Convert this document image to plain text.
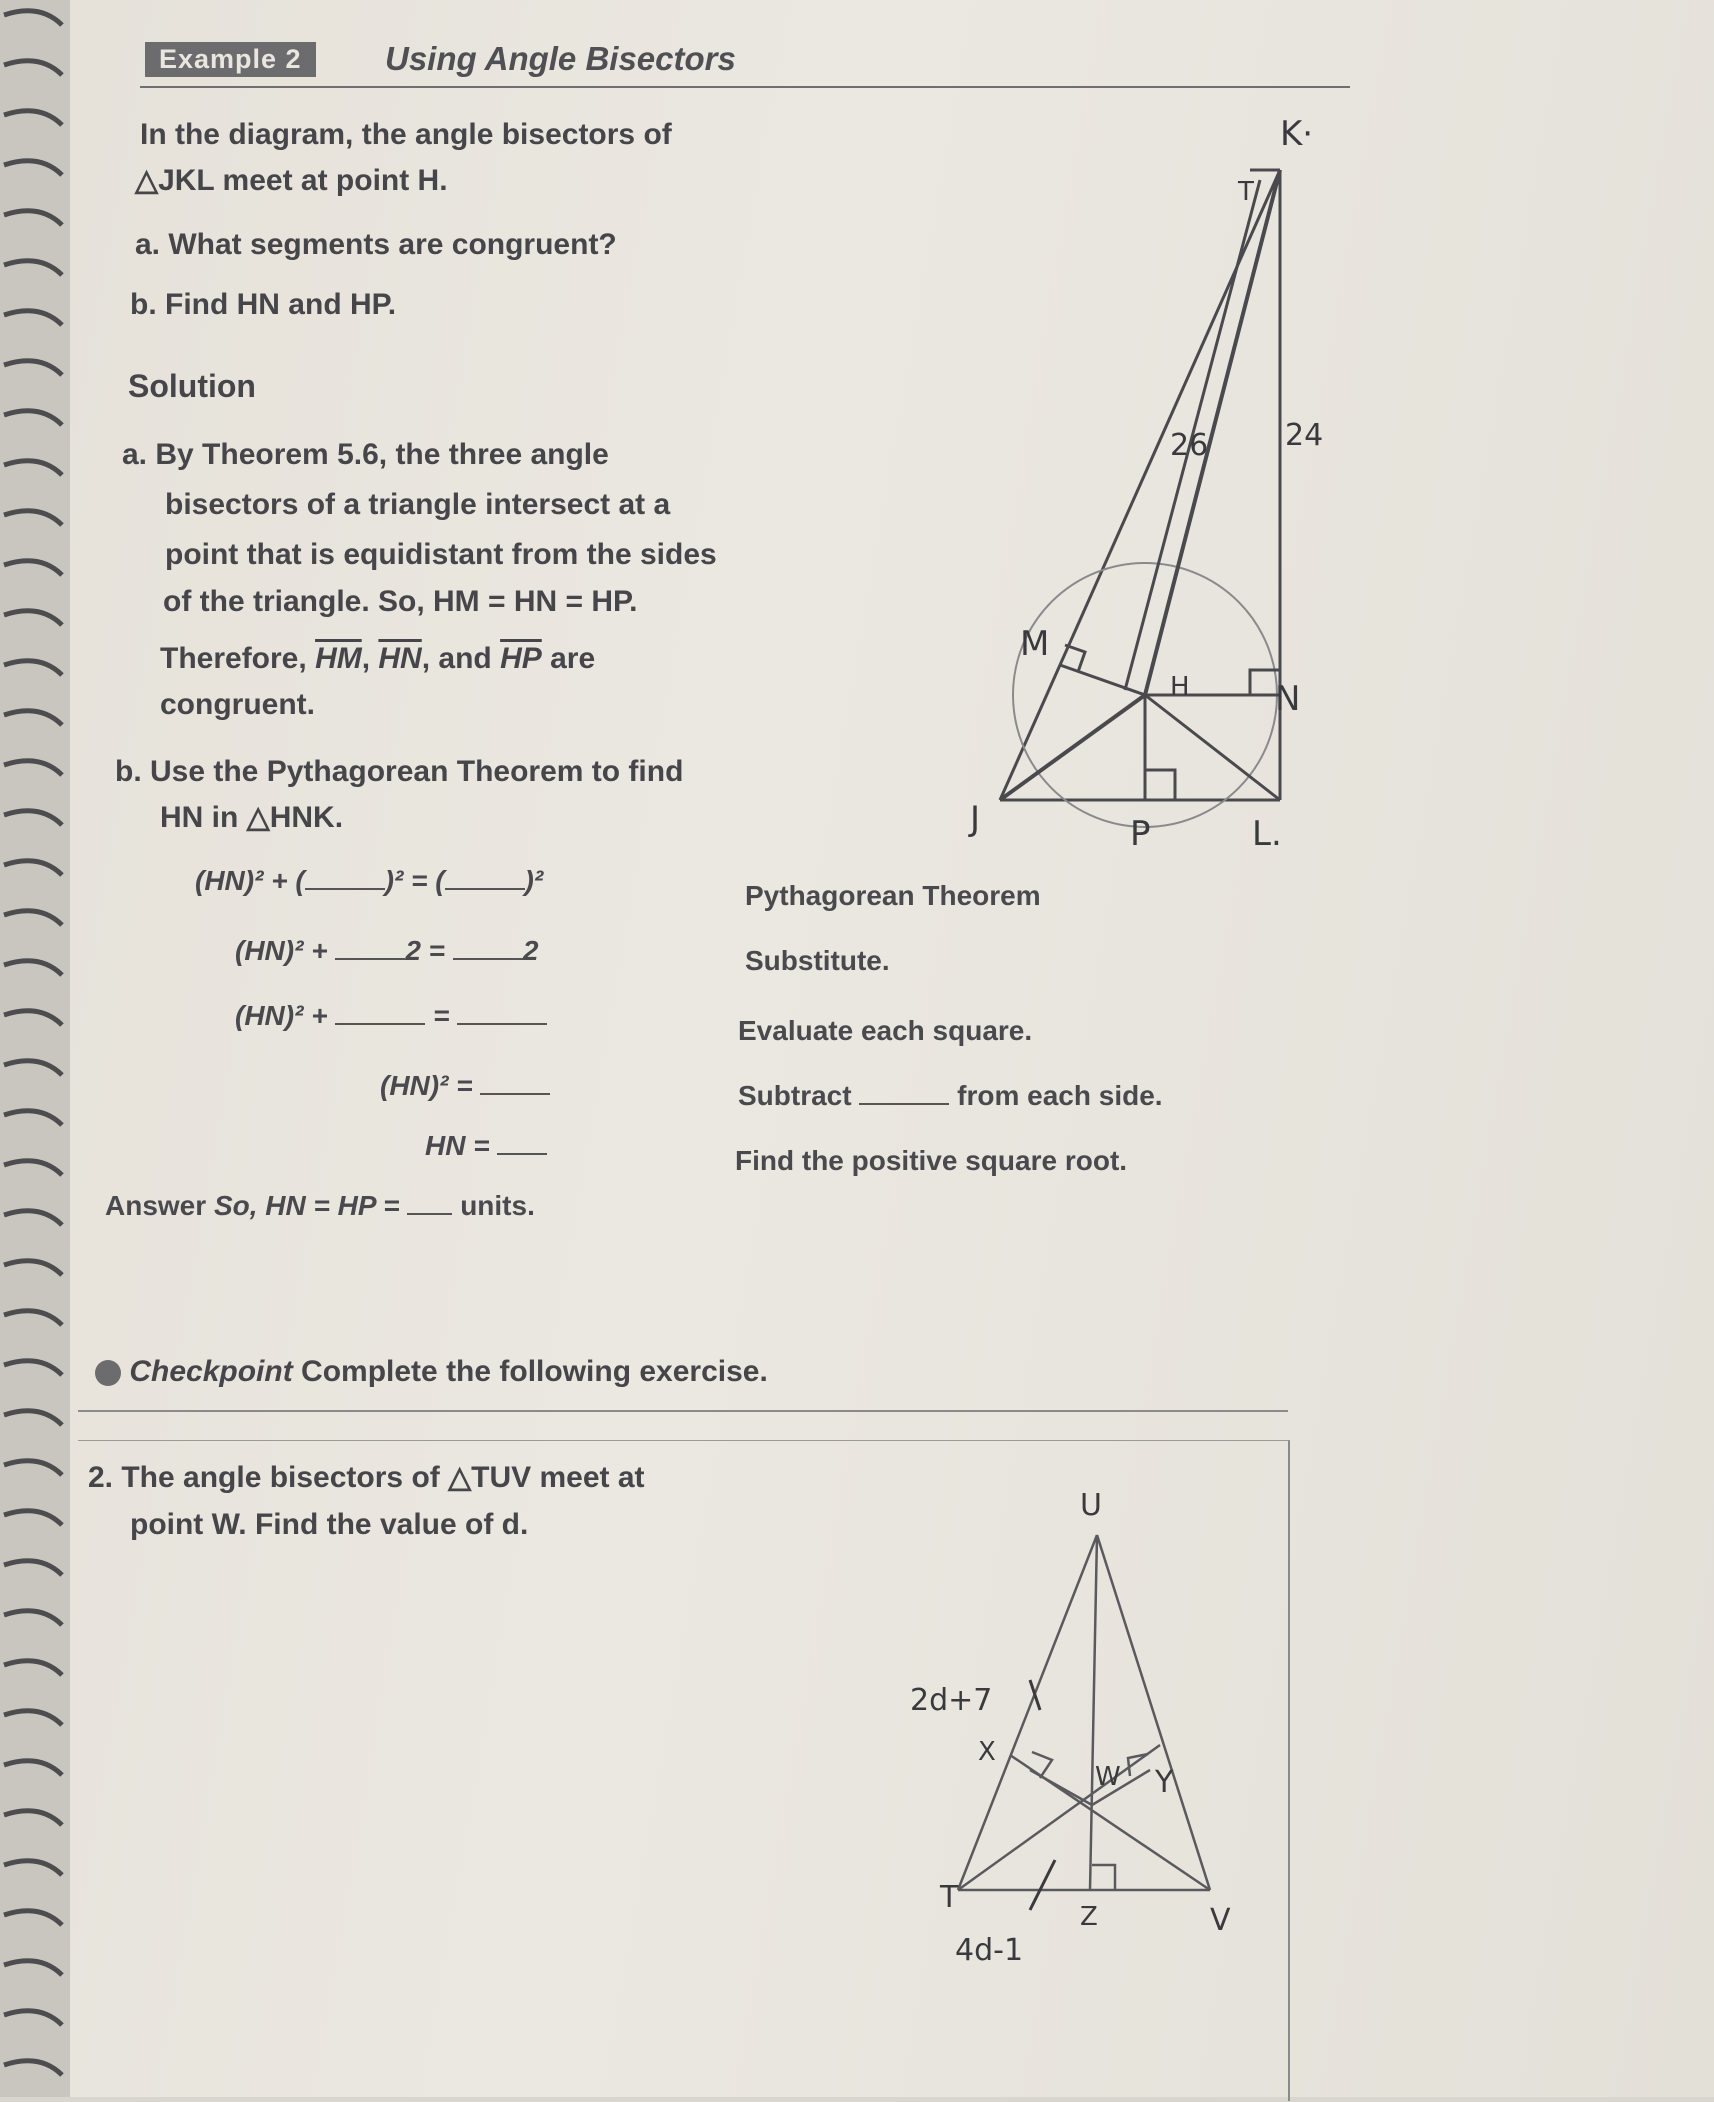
Example 2	Using Angle Bisectors
In the diagram, the angle bisectors of
△JKL meet at point H.
a. What segments are congruent?
b. Find HN and HP.
Solution
a. By Theorem 5.6, the three angle
bisectors of a triangle intersect at a
point that is equidistant from the sides
of the triangle. So, HM = HN = HP.
Therefore, $\overline{HM}$, $\overline{HN}$, and $\overline{HP}$ are
congruent.
b. Use the Pythagorean Theorem to find
HN in △HNK.
(HN)² + (	)² = (	)²	Pythagorean Theorem
(HN)² +	2 =	2	Substitute.
(HN)² +	=	Evaluate each square.
(HN)² =	Subtract	from each side.
HN =	Find the positive square root.
Answer So, HN = HP = units.
Checkpoint Complete the following exercise.
2. The angle bisectors of △TUV meet at
point W. Find the value of d.
K·
J	L.
M
N
P
H
T
26	24
U
T
V
W
X
Y
Z
2d+7
4d-1
